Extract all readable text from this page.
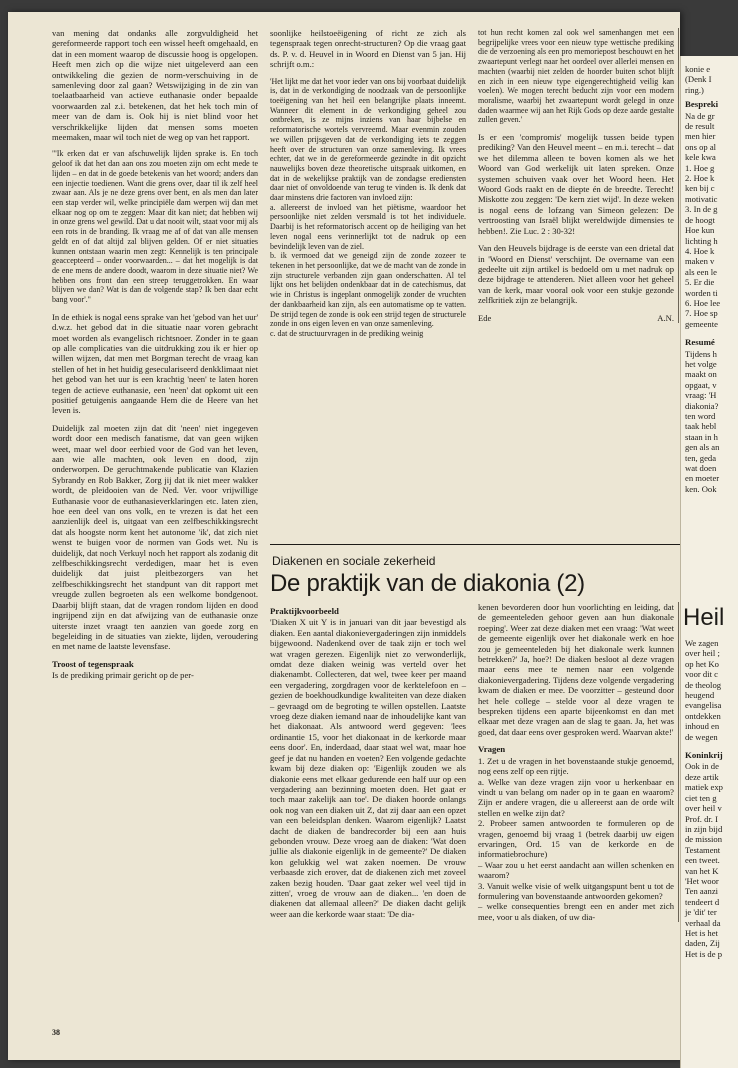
van mening dat ondanks alle zorgvuldigheid het gereformeerde rapport toch een wissel heeft omgehaald, en dat in een moment waarop de discussie hoog is opgelopen. Heeft men zich op die wijze niet uitgeleverd aan een ontwikkeling die gezien de norm-verschuiving in de samenleving door zal gaan? Wetswijziging in de zin van toelaatbaarheid van actieve euthanasie onder bepaalde voorwaarden zal z.i. betekenen, dat het hek toch min of meer van de dam is. Ook hij is niet blind voor het verschrikkelijke lijden dat mensen soms moeten meemaken, maar wil toch niet de weg op van het rapport.

"'Ik erken dat er van afschuwelijk lijden sprake is. En toch geloof ik dat het dan aan ons zou moeten zijn om echt mede te lijden – en dat in de goede betekenis van het woord; anders dan een injectie toedienen. Want die grens over, daar til ik zelf heel zwaar aan. Als je ne deze grens over bent, en als men dan later een stap verder wil, welke principiële dam werpen wij dan met elkaar nog op om te zeggen: Maar dit kan niet; dat hebben wij in onze grens wel gewild. Dat u dat nooit wilt, staat voor mij als een rots in de branding. Ik vraag me af of dat van alle mensen geldt en of dat altijd zal blijven gelden. Of er niet situaties kunnen ontstaan waarin men zegt: Kennelijk is ten principale geaccepteerd – onder voorwaarden... – dat het mogelijk is dat de ene mens de andere doodt, waarom in deze situatie niet? We hebben ons front dan een streep teruggetrokken. En waar blijven we dan? Wat is dan de volgende stap? Ik ben daar echt bang voor'."

In de ethiek is nogal eens sprake van het 'gebod van het uur' d.w.z. het gebod dat in die situatie naar voren gebracht moet worden als evangelisch richtsnoer. Zonder in te gaan op alle complicaties van die uitdrukking zou ik er hier op willen wijzen, dat men met Borgman terecht de vraag kan stellen of het in het huidig geseculariseerd denkklimaat niet het gebod van het uur is een krachtig 'neen' te laten horen tegen de actieve euthanasie, een 'neen' dat opkomt uit een positief getuigenis aangaande Hem die de Heere van het leven is.

Duidelijk zal moeten zijn dat dit 'neen' niet ingegeven wordt door een medisch fanatisme, dat van geen wijken weet, maar wel door eerbied voor de God van het leven, aan wie alle machten, ook leven en dood, zijn onderworpen. De geruchtmakende publicatie van Klazien Sybrandy en Rob Bakker, Zorg jij dat ik niet meer wakker wordt, de pleidooien van de Ned. Ver. voor vrijwillige Euthanasie voor de euthanasieverklaringen etc. laten zien, hoe een deel van ons volk, en te vrezen is dat het een aanzienlijk deel is, uitgaat van een zelfbeschikkingsrecht dat als hoogste norm kent het autonome 'ik', dat zich niet wenst te buigen voor de normen van Gods wet. Nu is duidelijk, dat noch Verkuyl noch het rapport als zodanig dit zelfbeschikkingsrecht verdedigen, maar het is even duidelijk dat juist pleitbezorgers van het zelfbeschikkingsrecht het standpunt van dit rapport met vreugde zullen begroeten als een welkome bondgenoot. Daarbij blijft staan, dat de vragen rondom lijden en dood ingrijpend zijn en dat afwijzing van de euthanasie onze uiterste inzet vraagt ten aanzien van goede zorg en begeleiding in de situaties van ziekte, lijden, veroudering en met name de laatste levensfase.

Troost of tegenspraak

Is de prediking primair gericht op de per-

soonlijke heilstoeëigening of richt ze zich als tegenspraak tegen onrecht-structuren? Op die vraag gaat ds. P. v. d. Heuvel in in Woord en Dienst van 5 jan. Hij schrijft o.m.:

'Het lijkt me dat het voor ieder van ons bij voorbaat duidelijk is, dat in de verkondiging de noodzaak van de persoonlijke toeëigening van het heil een belangrijke plaats inneemt. Wanneer dit element in de verkondiging geheel zou ontbreken, is ze mijns inziens van haar bijbelse en reformatorische wortels vervreemd. Maar evenmin zouden we willen prijsgeven dat de verkondiging iets te zeggen heeft over de structuren van onze samenleving. Ik vrees echter, dat we in de gereformeerde gezindte in dit opzicht nauwelijks boven deze theoretische uitspraak uitkomen, en dat in de wekelijkse praktijk van de zondagse erediensten daar niet of onvoldoende van terug te vinden is. Ik denk dat daar minstens drie factoren van invloed zijn:

a. allereerst de invloed van het piëtisme, waardoor het persoonlijke niet zelden versmald is tot het individuele. Daarbij is het reformatorisch accent op de heiliging van het leven nogal eens verinnerlijkt tot de nadruk op een bevindelijk leven van de ziel.

b. ik vermoed dat we geneigd zijn de zonde zozeer te tekenen in het persoonlijke, dat we de macht van de zonde in zijn structurele verbanden zijn gaan onderschatten. Al tel lijkt ons het belijden ondenkbaar dat in de catechismus, dat wie in Christus is ingeplant onmogelijk zonder de vruchten der dankbaarheid kan zijn, als een automatisme op te vatten. De strijd tegen de zonde is ook een strijd tegen de structurele zonde in ons eigen leven en van onze samenleving.

c. dat de structuurvragen in de prediking weinig

tot hun recht komen zal ook wel samenhangen met een begrijpelijke vrees voor een nieuw type wettische prediking die de verzoening als een pro memoriepost beschouwt en het zwaartepunt verlegt naar het oordeel over allerlei mensen en machten (waarbij niet zelden de hoorder buiten schot blijft en zich in een nieuw type eigengerechtigheid veilig kan voelen). We mogen terecht beducht zijn voor een modern moralisme, waarbij het zwaartepunt wordt gelegd in onze daden waarmee wij aan het Rijk Gods op deze aarde gestalte zullen geven.'

Is er een 'compromis' mogelijk tussen beide typen prediking? Van den Heuvel meent – en m.i. terecht – dat we het dilemma alleen te boven komen als we het Woord van God werkelijk uit laten spreken. Onze systemen schuiven vaak over het Woord heen. Het Woord Gods raakt en de diepte én de breedte. Terecht! Miskotte zou zeggen: 'De kern ziet wijd'. In deze weken is nogal eens de lofzang van Simeon gelezen: De vertroosting van Israël blijkt wereldwijde dimensies te hebben!. Zie Luc. 2 : 30-32!

Van den Heuvels bijdrage is de eerste van een drietal dat in 'Woord en Dienst' verschijnt. De overname van een gedeelte uit zijn artikel is bedoeld om u met nadruk op deze bijdrage te attenderen. Niet alleen voor het geheel van de kerk, maar vooral ook voor een stukje gezonde zelfkritiek zijn ze belangrijk.

Ede	A.N.
Diakenen en sociale zekerheid
De praktijk van de diakonia (2)
Praktijkvoorbeeld

'Diaken X uit Y is in januari van dit jaar bevestigd als diaken. Een aantal diakonievergaderingen zijn inmiddels bijgewoond. Nadenkend over de taak zijn er toch wel wat vragen gerezen. Eigenlijk niet zo verwonderlijk, omdat deze diaken weinig was verteld over het diakenambt. Collecteren, dat wel, twee keer per maand een vergadering, zorgdragen voor de kerktelefoon en – gezien de boekhoudkundige kwaliteiten van deze diaken – gevraagd om de begroting te willen opstellen. Laatste vroeg deze diaken iemand naar de inhoudelijke kant van het diakonaat. Als antwoord werd gegeven: 'lees ordinantie 15, voor het diakonaat in de kerkorde maar eens door'. En, inderdaad, daar staat wel wat, maar hoe geef je dat nu handen en voeten? Een volgende gedachte kwam bij deze diaken op: 'Eigenlijk zouden we als diakonie eens met elkaar gedurende een half uur op een vergadering aan bezinning moeten doen. Het gaat er toch maar zakelijk aan toe'. De diaken hoorde onlangs ook nog van een diaken uit Z, dat zij daar aan een opzet van een beleidsplan denken. Waarom eigenlijk? Laatst dacht de diaken de bandrecorder bij een aan huis gebonden vrouw. Deze vroeg aan de diaken: 'Wat doen jullie als diakonie eigenlijk in de gemeente?' De diaken kon gelukkig wel wat zaken noemen. De vrouw verbaasde zich erover, dat de diakenen zich met zoveel zaken bezig houden. 'Daar gaat zeker wel veel tijd in zitten', vroeg de vrouw aan de diaken... 'en doen de diakenen dat allemaal alleen?' De diaken dacht gelijk weer aan die kerkorde waar staat: 'De dia-

kenen bevorderen door hun voorlichting en leiding, dat de gemeenteleden gehoor geven aan hun diakonale roeping'. Weer zat deze diaken met een vraag: 'Wat weet de gemeente eigenlijk over het diakonale werk en hoe zou je gemeenteleden bij het diakonale werk kunnen betrekken?' Ja, hoe?! De diaken besloot al deze vragen maar eens mee te nemen naar een volgende diakonievergadering. Tijdens deze volgende vergadering kwam de diaken er mee. De voorzitter – gesteund door het hele college – stelde voor al deze vragen te bespreken tijdens een aparte bijeenkomst en dan met elkaar met deze vragen aan de slag te gaan. Ja, het was goed, dat daar eens over gesproken werd. Waarvan akte!'

Vragen

1. Zet u de vragen in het bovenstaande stukje genoemd, nog eens zelf op een rijtje.

a. Welke van deze vragen zijn voor u herkenbaar en vindt u van belang om nader op in te gaan en waarom? Zijn er andere vragen, die u allereerst aan de orde wilt stellen en welke zijn dat?

2. Probeer samen antwoorden te formuleren op de vragen, genoemd bij vraag 1 (betrek daarbij uw eigen ervaringen, Ord. 15 van de kerkorde en de informatiebrochure)

– Waar zou u het eerst aandacht aan willen schenken en waarom?

3. Vanuit welke visie of welk uitgangspunt bent u tot de formulering van bovenstaande antwoorden gekomen?

– welke consequenties brengt een en ander met zich mee, voor u als diaken, of uw dia-

38
konie e
(Denk I
ring.)
Bespreki
Na de gr
de result
men hier
ons op al
kele kwa
1. Hoe g
2. Hoe k
ken bij c
motivatic
3. In de g
de hoogt
Hoe kun
lichting h
4. Hoe k
maken v
als een le
5. Er die
worden ti
6. Hoe lee
7. Hoe sp
gemeente
Resumé
Tijdens h
het volge
maakt on
opgaat, v
vraag: 'H
diakonia?
ten word
taak hebl
staan in h
gen als an
ten, geda
wat doen
en moeter
ken. Ook
Heil
We zagen
over heil ;
op het Ko
voor dit c
de theolog
heugend
evangelisa
ontdekken
inhoud en
de wegen
Koninkrij
Ook in de
deze artik
matiek exp
ciet ten g
over heil v
Prof. dr. I
in zijn bijd
de mission
Testament
een tweet.
van het K
'Het woor
Ten aanzi
tendeert d
je 'dit' ter
verhaal da
Het is het
daden, Zij
Het is de p
